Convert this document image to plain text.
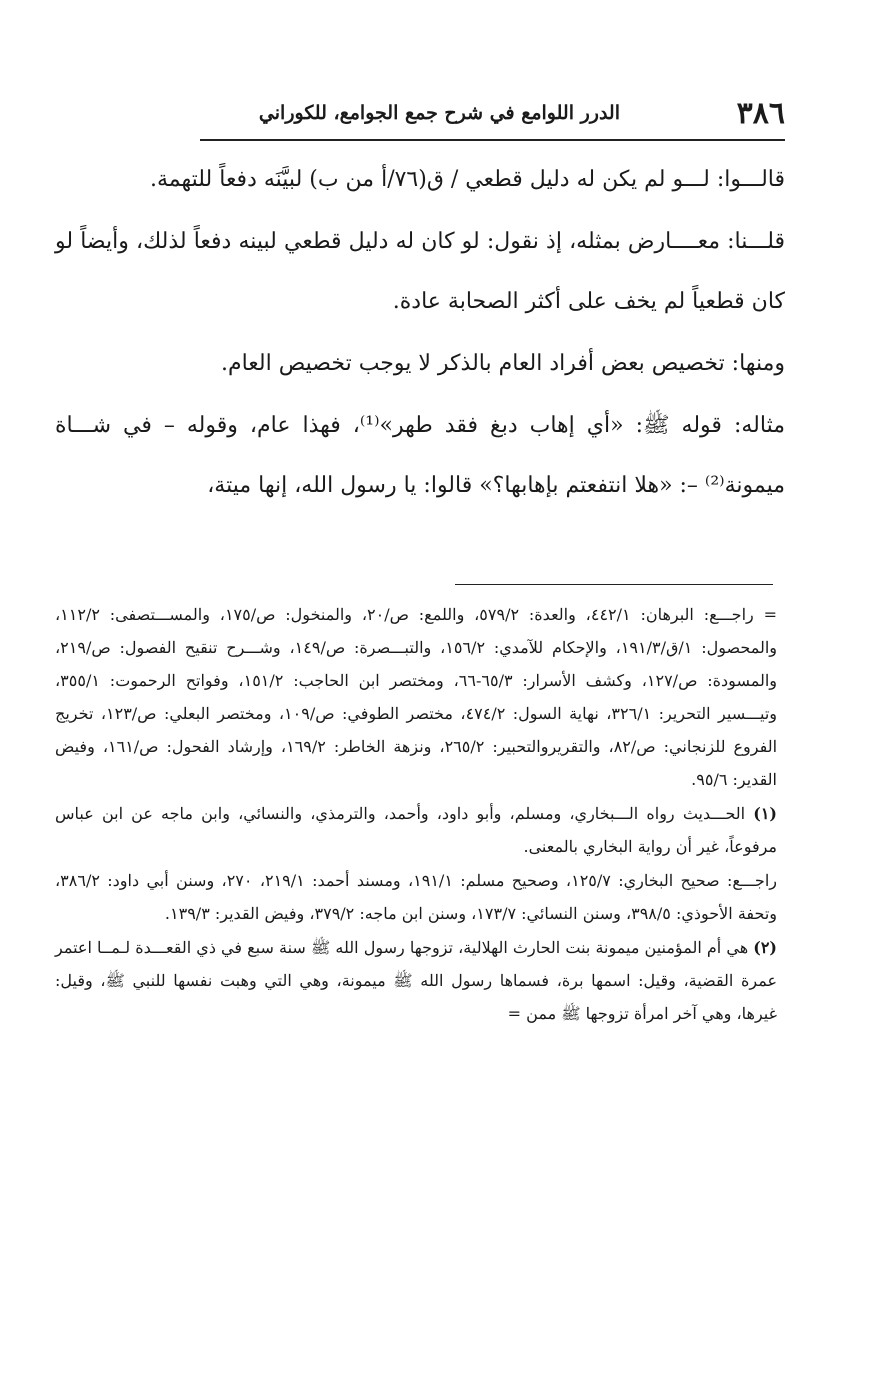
٣٨٦
الدرر اللوامع في شرح جمع الجوامع، للكوراني

قالـــوا: لـــو لم يكن له دليل قطعي / ق(٧٦/أ من ب) لبيَّنَه دفعاً للتهمة.

قلـــنا: معــــارض بمثله، إذ نقول: لو كان له دليل قطعي لبينه دفعاً لذلك، وأيضاً لو كان قطعياً لم يخف على أكثر الصحابة عادة.

ومنها: تخصيص بعض أفراد العام بالذكر لا يوجب تخصيص العام.

مثاله: قوله ﷺ: «أي إهاب دبغ فقد طهر»⁽¹⁾، فهذا عام، وقوله – في شـــاة ميمونة⁽²⁾ –: «هلا انتفعتم بإهابها؟» قالوا: يا رسول الله، إنها ميتة،

= راجـــع: البرهان: ٤٤٢/١، والعدة: ٥٧٩/٢، واللمع: ص/٢٠، والمنخول: ص/١٧٥، والمســـتصفى: ١١٢/٢، والمحصول: ١/ق/١٩١/٣، والإحكام للآمدي: ١٥٦/٢، والتبـــصرة: ص/١٤٩، وشـــرح تنقيح الفصول: ص/٢١٩، والمسودة: ص/١٢٧، وكشف الأسرار: ٦٥/٣-٦٦، ومختصر ابن الحاجب: ١٥١/٢، وفواتح الرحموت: ٣٥٥/١، وتيـــسير التحرير: ٣٢٦/١، نهاية السول: ٤٧٤/٢، مختصر الطوفي: ص/١٠٩، ومختصر البعلي: ص/١٢٣، تخريج الفروع للزنجاني: ص/٨٢، والتقريروالتحبير: ٢٦٥/٢، ونزهة الخاطر: ١٦٩/٢، وإرشاد الفحول: ص/١٦١، وفيض القدير: ٩٥/٦.

(١) الحـــديث رواه الـــبخاري، ومسلم، وأبو داود، وأحمد، والترمذي، والنسائي، وابن ماجه عن ابن عباس مرفوعاً، غير أن رواية البخاري بالمعنى.

راجـــع: صحيح البخاري: ١٢٥/٧، وصحيح مسلم: ١٩١/١، ومسند أحمد: ٢١٩/١، ٢٧٠، وسنن أبي داود: ٣٨٦/٢، وتحفة الأحوذي: ٣٩٨/٥، وسنن النسائي: ١٧٣/٧، وسنن ابن ماجه: ٣٧٩/٢، وفيض القدير: ١٣٩/٣.

(٢) هي أم المؤمنين ميمونة بنت الحارث الهلالية، تزوجها رسول الله ﷺ سنة سبع في ذي القعـــدة لـمــا اعتمر عمرة القضية، وقيل: اسمها برة، فسماها رسول الله ﷺ ميمونة، وهي التي وهبت نفسها للنبي ﷺ، وقيل: غيرها، وهي آخر امرأة تزوجها ﷺ ممن =
